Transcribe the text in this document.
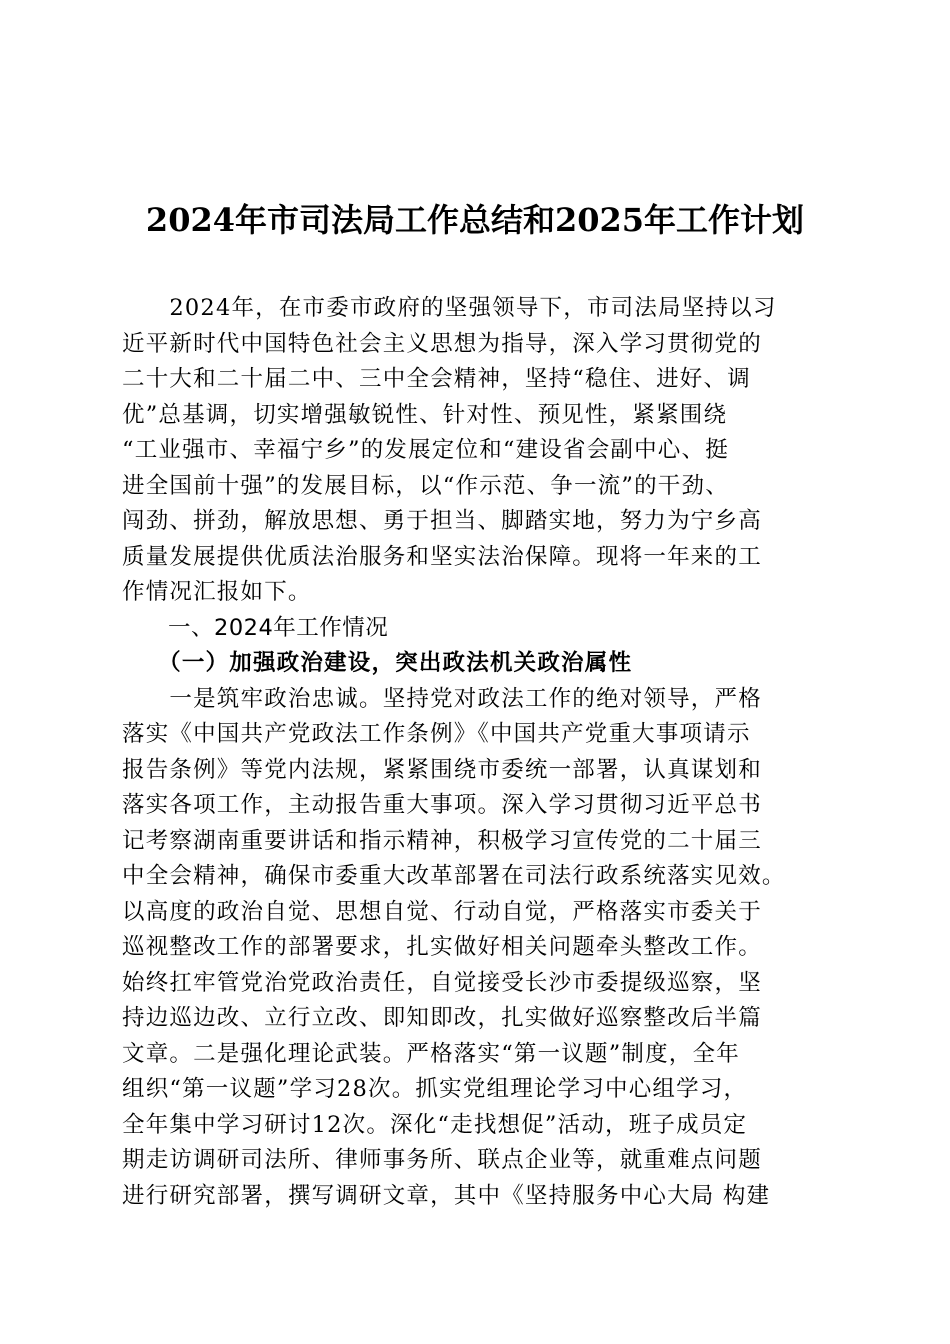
2024年市司法局工作总结和2025年工作计划
　　2024年，在市委市政府的坚强领导下，市司法局坚持以习
近平新时代中国特色社会主义思想为指导，深入学习贯彻党的
二十大和二十届二中、三中全会精神，坚持“稳住、进好、调
优”总基调，切实增强敏锐性、针对性、预见性，紧紧围绕
“工业强市、幸福宁乡”的发展定位和“建设省会副中心、挺
进全国前十强”的发展目标，以“作示范、争一流”的干劲、
闯劲、拼劲，解放思想、勇于担当、脚踏实地，努力为宁乡高
质量发展提供优质法治服务和坚实法治保障。现将一年来的工
作情况汇报如下。
　　一、2024年工作情况
　　（一）加强政治建设，突出政法机关政治属性
　　一是筑牢政治忠诚。坚持党对政法工作的绝对领导，严格
落实《中国共产党政法工作条例》《中国共产党重大事项请示
报告条例》等党内法规，紧紧围绕市委统一部署，认真谋划和
落实各项工作，主动报告重大事项。深入学习贯彻习近平总书
记考察湖南重要讲话和指示精神，积极学习宣传党的二十届三
中全会精神，确保市委重大改革部署在司法行政系统落实见效。
以高度的政治自觉、思想自觉、行动自觉，严格落实市委关于
巡视整改工作的部署要求，扎实做好相关问题牵头整改工作。
始终扛牢管党治党政治责任，自觉接受长沙市委提级巡察，坚
持边巡边改、立行立改、即知即改，扎实做好巡察整改后半篇
文章。二是强化理论武装。严格落实“第一议题”制度，全年
组织“第一议题”学习28次。抓实党组理论学习中心组学习，
全年集中学习研讨12次。深化“走找想促”活动，班子成员定
期走访调研司法所、律师事务所、联点企业等，就重难点问题
进行研究部署，撰写调研文章，其中《坚持服务中心大局 构建
